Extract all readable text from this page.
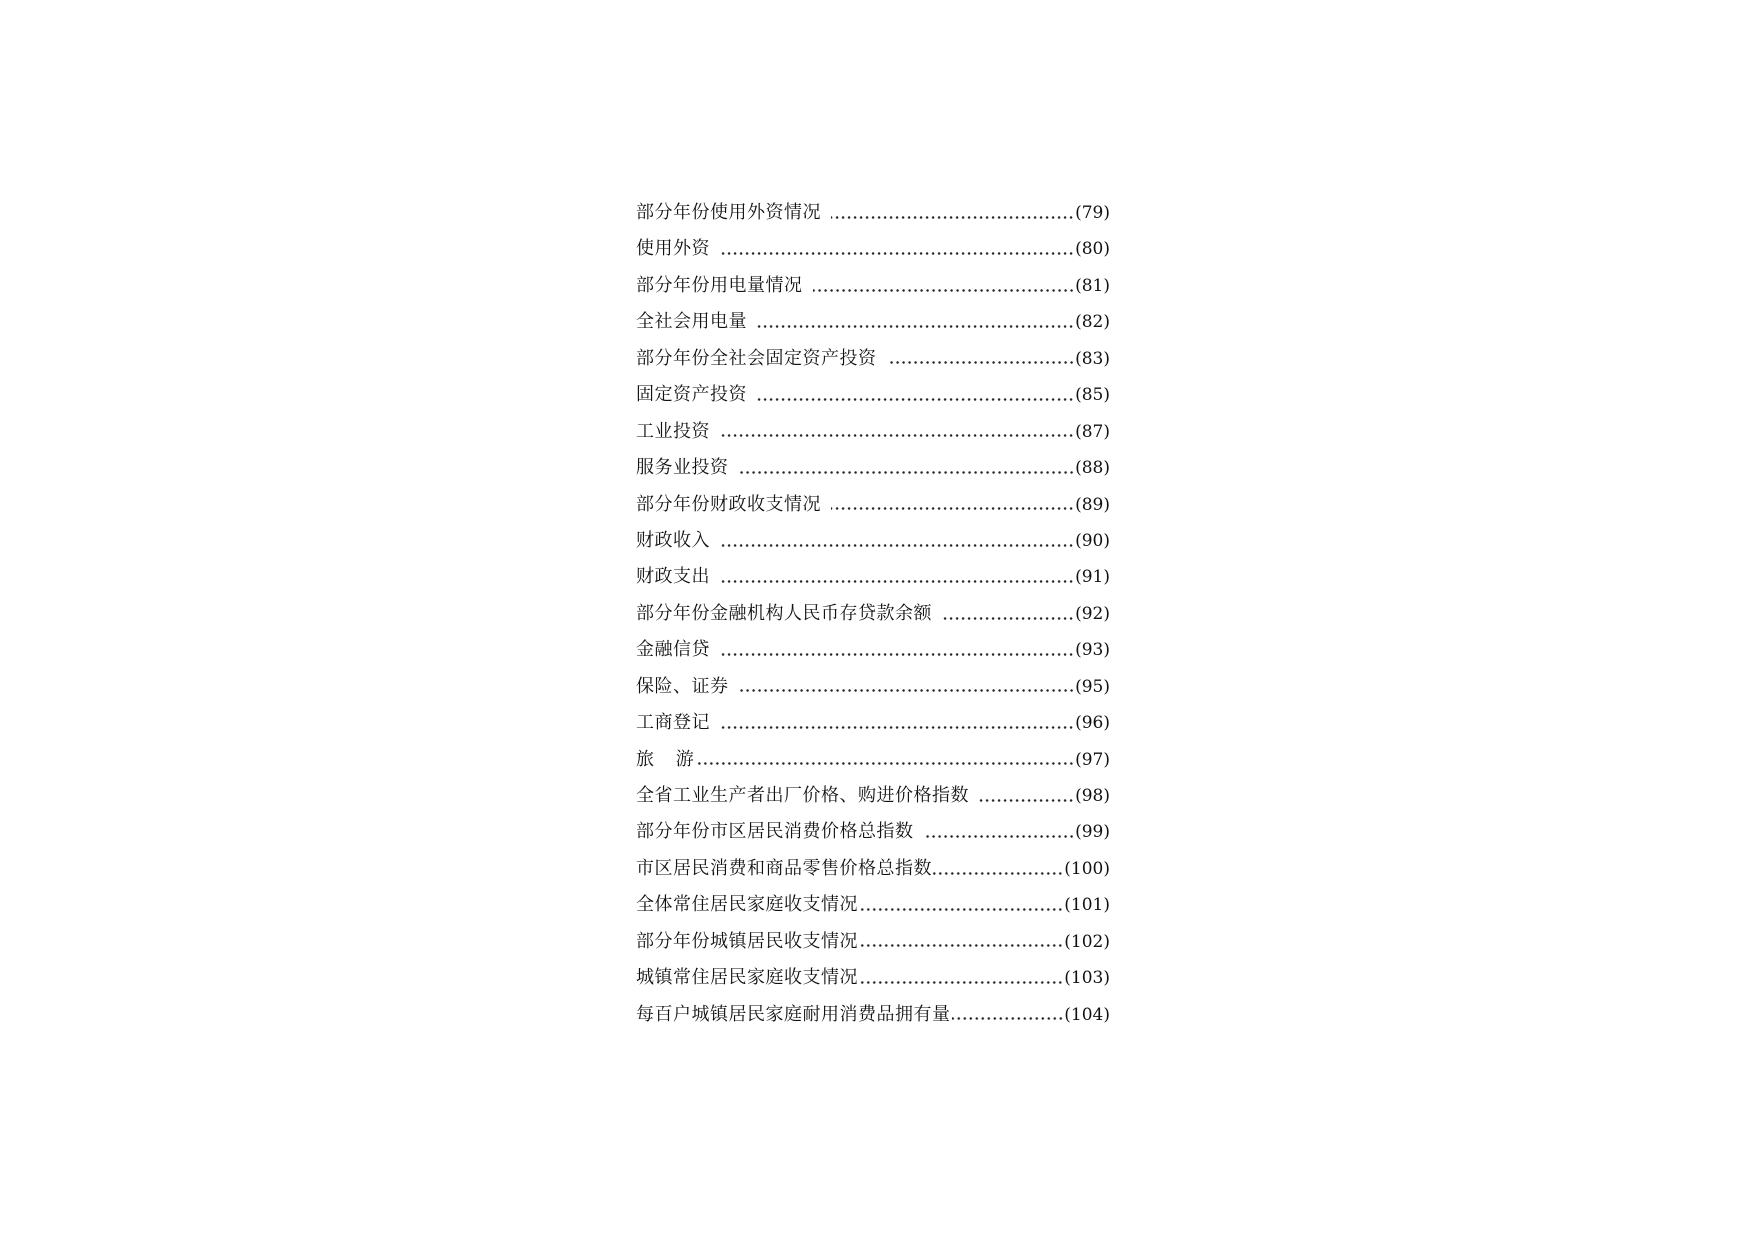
部分年份使用外资情况	(79)
使用外资	(80)
部分年份用电量情况	(81)
全社会用电量	(82)
部分年份全社会固定资产投资	(83)
固定资产投资	(85)
工业投资	(87)
服务业投资	(88)
部分年份财政收支情况	(89)
财政收入	(90)
财政支出	(91)
部分年份金融机构人民币存贷款余额	(92)
金融信贷	(93)
保险、证券	(95)
工商登记	(96)
旅 游	(97)
全省工业生产者出厂价格、购进价格指数	(98)
部分年份市区居民消费价格总指数	(99)
市区居民消费和商品零售价格总指数	(100)
全体常住居民家庭收支情况	(101)
部分年份城镇居民收支情况	(102)
城镇常住居民家庭收支情况	(103)
每百户城镇居民家庭耐用消费品拥有量	(104)
